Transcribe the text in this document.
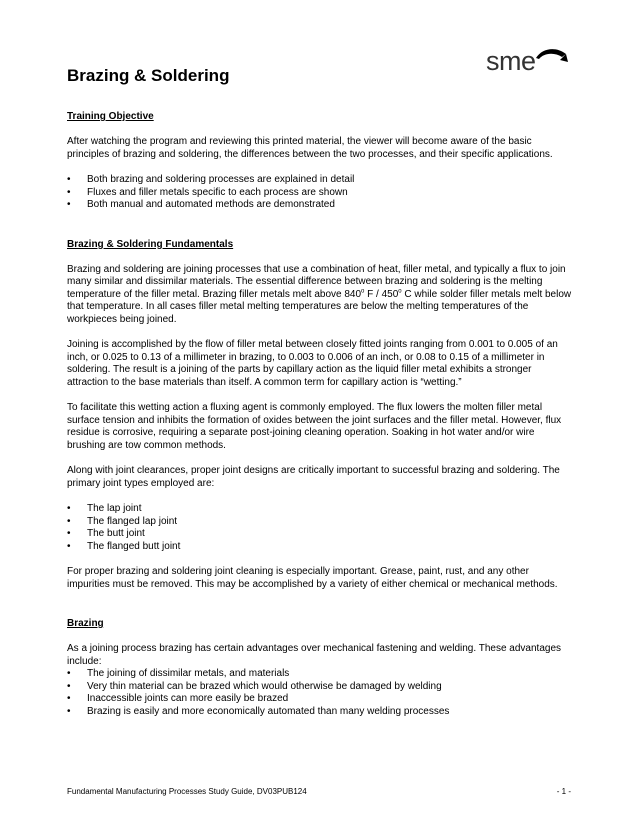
Brazing & Soldering	sme
Training Objective

After watching the program and reviewing this printed material, the viewer will become aware of the basic principles of brazing and soldering, the differences between the two processes, and their specific applications.

• Both brazing and soldering processes are explained in detail
• Fluxes and filler metals specific to each process are shown
• Both manual and automated methods are demonstrated
Brazing & Soldering Fundamentals

Brazing and soldering are joining processes that use a combination of heat, filler metal, and typically a flux to join many similar and dissimilar materials. The essential difference between brazing and soldering is the melting temperature of the filler metal. Brazing filler metals melt above 840$^o$ F / 450$^o$ C while solder filler metals melt below that temperature. In all cases filler metal melting temperatures are below the melting temperatures of the workpieces being joined.

Joining is accomplished by the flow of filler metal between closely fitted joints ranging from 0.001 to 0.005 of an inch, or 0.025 to 0.13 of a millimeter in brazing, to 0.003 to 0.006 of an inch, or 0.08 to 0.15 of a millimeter in soldering. The result is a joining of the parts by capillary action as the liquid filler metal exhibits a stronger attraction to the base materials than itself. A common term for capillary action is “wetting.”

To facilitate this wetting action a fluxing agent is commonly employed. The flux lowers the molten filler metal surface tension and inhibits the formation of oxides between the joint surfaces and the filler metal. However, flux residue is corrosive, requiring a separate post-joining cleaning operation. Soaking in hot water and/or wire brushing are tow common methods.

Along with joint clearances, proper joint designs are critically important to successful brazing and soldering. The primary joint types employed are:

• The lap joint
• The flanged lap joint
• The butt joint
• The flanged butt joint

For proper brazing and soldering joint cleaning is especially important. Grease, paint, rust, and any other impurities must be removed. This may be accomplished by a variety of either chemical or mechanical methods.

Brazing

As a joining process brazing has certain advantages over mechanical fastening and welding. These advantages include:

• The joining of dissimilar metals, and materials
• Very thin material can be brazed which would otherwise be damaged by welding
• Inaccessible joints can more easily be brazed
• Brazing is easily and more economically automated than many welding processes
Fundamental Manufacturing Processes Study Guide, DV03PUB124	- 1 -
